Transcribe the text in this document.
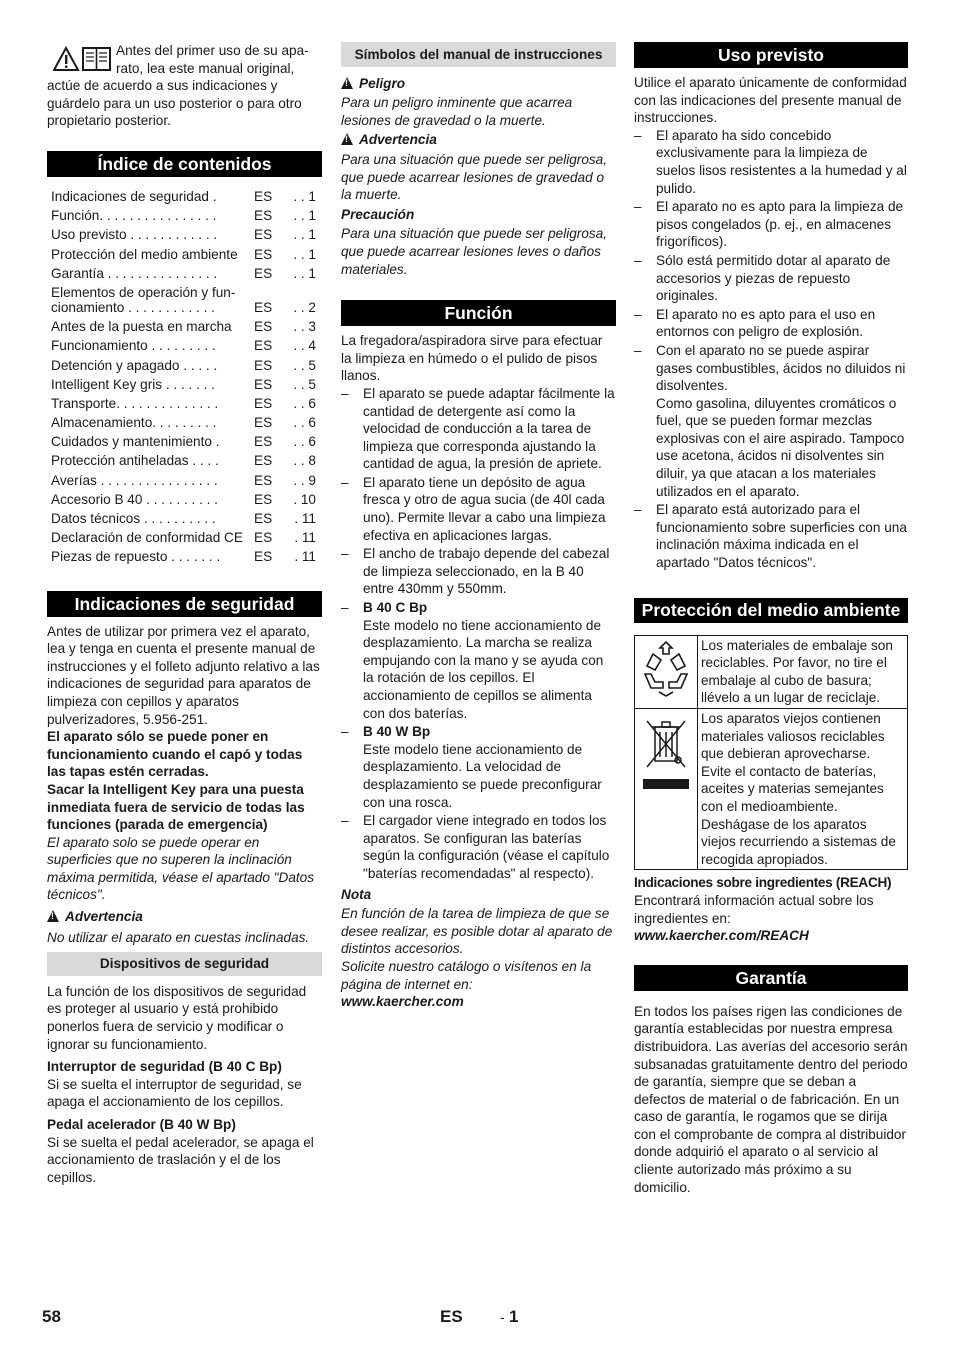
Antes del primer uso de su apa-
rato, lea este manual original,
actúe de acuerdo a sus indicaciones y guárdelo para un uso posterior o para otro propietario posterior.
Índice de contenidos
Indicaciones de seguridad .	ES	. . 1
Función. . . . . . . . . . . . . . . .	ES	. . 1
Uso previsto . . . . . . . . . . . .	ES	. . 1
Protección del medio ambiente	ES	. . 1
Garantía . . . . . . . . . . . . . . .	ES	. . 1

Elementos de operación y fun-
cionamiento . . . . . . . . . . . .	ES	. . 2
Antes de la puesta en marcha	ES	. . 3
Funcionamiento . . . . . . . . .	ES	. . 4
Detención y apagado . . . . .	ES	. . 5
Intelligent Key gris . . . . . . .	ES	. . 5
Transporte. . . . . . . . . . . . . .	ES	. . 6
Almacenamiento. . . . . . . . .	ES	. . 6
Cuidados y mantenimiento .	ES	. . 6
Protección antiheladas . . . .	ES	. . 8
Averías . . . . . . . . . . . . . . . .	ES	. . 9
Accesorio B 40 . . . . . . . . . .	ES	. 10
Datos técnicos . . . . . . . . . .	ES	. 11
Declaración de conformidad CE	ES	. 11
Piezas de repuesto . . . . . . .	ES	. 11
Indicaciones de seguridad

Antes de utilizar por primera vez el aparato, lea y tenga en cuenta el presente manual de instrucciones y el folleto adjunto relativo a las indicaciones de seguridad para aparatos de limpieza con cepillos y aparatos pulverizadores, 5.956-251.

El aparato sólo se puede poner en funcionamiento cuando el capó y todas las tapas estén cerradas.

Sacar la Intelligent Key para una puesta inmediata fuera de servicio de todas las funciones (parada de emergencia)

El aparato solo se puede operar en superficies que no superen la inclinación máxima permitida, véase el apartado "Datos técnicos".

!Advertencia

No utilizar el aparato en cuestas inclinadas.

Dispositivos de seguridad

La función de los dispositivos de seguridad es proteger al usuario y está prohibido ponerlos fuera de servicio y modificar o ignorar su funcionamiento.

Interruptor de seguridad (B 40 C Bp)

Si se suelta el interruptor de seguridad, se apaga el accionamiento de los cepillos.

Pedal acelerador (B 40 W Bp)

Si se suelta el pedal acelerador, se apaga el accionamiento de traslación y el de los cepillos.

Símbolos del manual de instrucciones

!Peligro

Para un peligro inminente que acarrea lesiones de gravedad o la muerte.

!Advertencia

Para una situación que puede ser peligrosa, que puede acarrear lesiones de gravedad o la muerte.

Precaución

Para una situación que puede ser peligrosa, que puede acarrear lesiones leves o daños materiales.

Función

La fregadora/aspiradora sirve para efectuar la limpieza en húmedo o el pulido de pisos llanos.

– El aparato se puede adaptar fácilmente la cantidad de detergente así como la velocidad de conducción a la tarea de limpieza que corresponda ajustando la cantidad de agua, la presión de apriete.
– El aparato tiene un depósito de agua fresca y otro de agua sucia (de 40l cada uno). Permite llevar a cabo una limpieza efectiva en aplicaciones largas.
– El ancho de trabajo depende del cabezal de limpieza seleccionado, en la B 40 entre 430mm y 550mm.
– B 40 C Bp
Este modelo no tiene accionamiento de desplazamiento. La marcha se realiza empujando con la mano y se ayuda con la rotación de los cepillos. El accionamiento de cepillos se alimenta con dos baterías.
– B 40 W Bp
Este modelo tiene accionamiento de desplazamiento. La velocidad de desplazamiento se puede preconfigurar con una rosca.
– El cargador viene integrado en todos los aparatos. Se configuran las baterías según la configuración (véase el capítulo "baterías recomendadas" al respecto).

Nota

En función de la tarea de limpieza de que se desee realizar, es posible dotar al aparato de distintos accesorios.

Solicite nuestro catálogo o visítenos en la página de internet en:

www.kaercher.com

Uso previsto

Utilice el aparato únicamente de conformidad con las indicaciones del presente manual de instrucciones.

– El aparato ha sido concebido exclusivamente para la limpieza de suelos lisos resistentes a la humedad y al pulido.
– El aparato no es apto para la limpieza de pisos congelados (p. ej., en almacenes frigoríficos).
– Sólo está permitido dotar al aparato de accesorios y piezas de repuesto originales.
– El aparato no es apto para el uso en entornos con peligro de explosión.
– Con el aparato no se puede aspirar gases combustibles, ácidos no diluidos ni disolventes.
Como gasolina, diluyentes cromáticos o fuel, que se pueden formar mezclas explosivas con el aire aspirado. Tampoco use acetona, ácidos ni disolventes sin diluir, ya que atacan a los materiales utilizados en el aparato.
– El aparato está autorizado para el funcionamiento sobre superficies con una inclinación máxima indicada en el apartado "Datos técnicos".
Protección del medio ambiente
	Los materiales de embalaje son reciclables. Por favor, no tire el embalaje al cubo de basura; llévelo a un lugar de reciclaje.
	Los aparatos viejos contienen materiales valiosos reciclables que debieran aprovecharse. Evite el contacto de baterías, aceites y materias semejantes con el medioambiente. Deshágase de los aparatos viejos recurriendo a sistemas de recogida apropiados.

Indicaciones sobre ingredientes (REACH)

Encontrará información actual sobre los ingredientes en:

www.kaercher.com/REACH

Garantía

En todos los países rigen las condiciones de garantía establecidas por nuestra empresa distribuidora. Las averías del accesorio serán subsanadas gratuitamente dentro del periodo de garantía, siempre que se deban a defectos de material o de fabricación. En un caso de garantía, le rogamos que se dirija con el comprobante de compra al distribuidor donde adquirió el aparato o al servicio al cliente autorizado más próximo a su domicilio.

58	ES	- 1
